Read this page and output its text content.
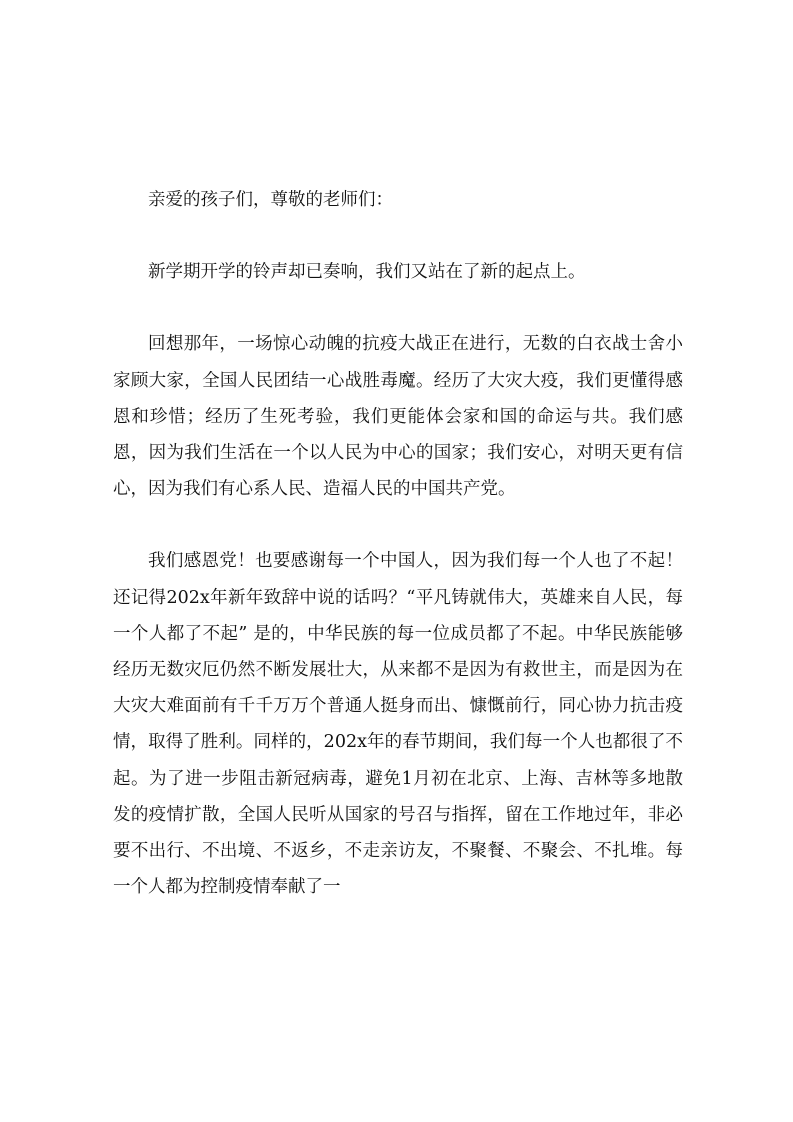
亲爱的孩子们，尊敬的老师们：

新学期开学的铃声却已奏响，我们又站在了新的起点上。

回想那年，一场惊心动魄的抗疫大战正在进行，无数的白衣战士舍小家顾大家，全国人民团结一心战胜毒魔。经历了大灾大疫，我们更懂得感恩和珍惜；经历了生死考验，我们更能体会家和国的命运与共。我们感恩，因为我们生活在一个以人民为中心的国家；我们安心，对明天更有信心，因为我们有心系人民、造福人民的中国共产党。

我们感恩党！也要感谢每一个中国人，因为我们每一个人也了不起！还记得202x年新年致辞中说的话吗？“平凡铸就伟大，英雄来自人民，每一个人都了不起” 是的，中华民族的每一位成员都了不起。中华民族能够经历无数灾厄仍然不断发展壮大，从来都不是因为有救世主，而是因为在大灾大难面前有千千万万个普通人挺身而出、慷慨前行，同心协力抗击疫情，取得了胜利。同样的，202x年的春节期间，我们每一个人也都很了不起。为了进一步阻击新冠病毒，避免1月初在北京、上海、吉林等多地散发的疫情扩散，全国人民听从国家的号召与指挥，留在工作地过年，非必要不出行、不出境、不返乡，不走亲访友，不聚餐、不聚会、不扎堆。每一个人都为控制疫情奉献了一
